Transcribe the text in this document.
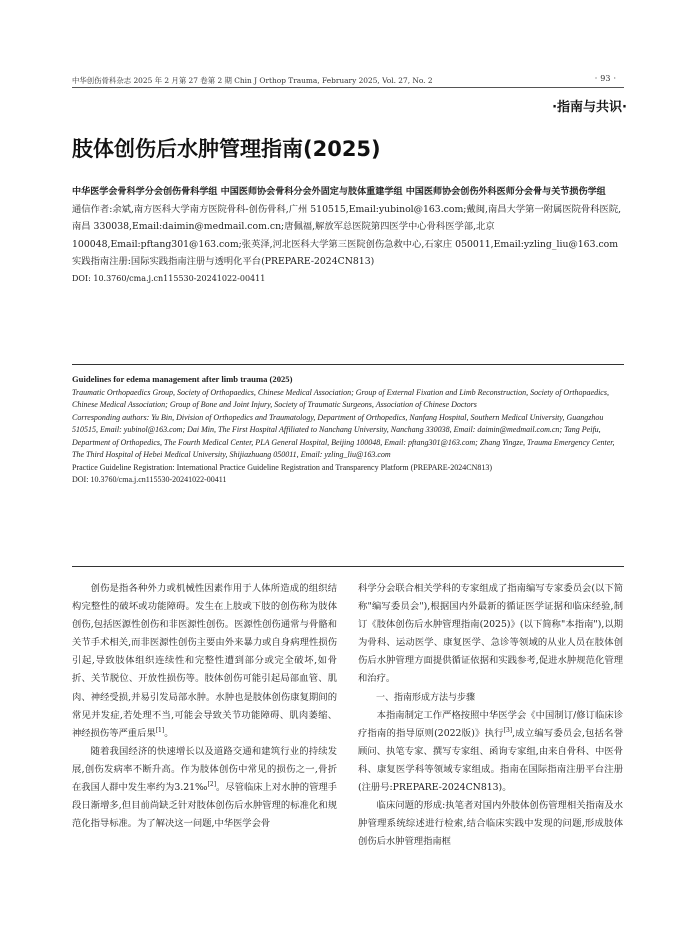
中华创伤骨科杂志 2025 年 2 月第 27 卷第 2 期 Chin J Orthop Trauma, February 2025, Vol. 27, No. 2	· 93 ·
·指南与共识·
肢体创伤后水肿管理指南(2025)

中华医学会骨科学分会创伤骨科学组 中国医师协会骨科分会外固定与肢体重建学组 中国医师协会创伤外科医师分会骨与关节损伤学组

通信作者:余斌,南方医科大学南方医院骨科-创伤骨科,广州 510515,Email:yubinol@163.com;戴闽,南昌大学第一附属医院骨科医院,南昌 330038,Email:daimin@medmail.com.cn;唐佩福,解放军总医院第四医学中心骨科医学部,北京 100048,Email:pftang301@163.com;张英泽,河北医科大学第三医院创伤急救中心,石家庄 050011,Email:yzling_liu@163.com

实践指南注册:国际实践指南注册与透明化平台(PREPARE-2024CN813)

DOI: 10.3760/cma.j.cn115530-20241022-00411

Guidelines for edema management after limb trauma (2025)

Traumatic Orthopaedics Group, Society of Orthopaedics, Chinese Medical Association; Group of External Fixation and Limb Reconstruction, Society of Orthopaedics, Chinese Medical Association; Group of Bone and Joint Injury, Society of Traumatic Surgeons, Association of Chinese Doctors

Corresponding authors: Yu Bin, Division of Orthopedics and Traumatology, Department of Orthopedics, Nanfang Hospital, Southern Medical University, Guangzhou 510515, Email: yubinol@163.com; Dai Min, The First Hospital Affiliated to Nanchang University, Nanchang 330038, Email: daimin@medmail.com.cn; Tang Peifu, Department of Orthopedics, The Fourth Medical Center, PLA General Hospital, Beijing 100048, Email: pftang301@163.com; Zhang Yingze, Trauma Emergency Center, The Third Hospital of Hebei Medical University, Shijiazhuang 050011, Email: yzling_liu@163.com

Practice Guideline Registration: International Practice Guideline Registration and Transparency Platform (PREPARE-2024CN813)

DOI: 10.3760/cma.j.cn115530-20241022-00411

创伤是指各种外力或机械性因素作用于人体所造成的组织结构完整性的破坏或功能障碍。发生在上肢或下肢的创伤称为肢体创伤,包括医源性创伤和非医源性创伤。医源性创伤通常与骨骼和关节手术相关,而非医源性创伤主要由外来暴力或自身病理性损伤引起,导致肢体组织连续性和完整性遭到部分或完全破坏,如骨折、关节脱位、开放性损伤等。肢体创伤可能引起局部血管、肌肉、神经受损,并易引发局部水肿。水肿也是肢体创伤康复期间的常见并发症,若处理不当,可能会导致关节功能障碍、肌肉萎缩、神经损伤等严重后果[1]。

随着我国经济的快速增长以及道路交通和建筑行业的持续发展,创伤发病率不断升高。作为肢体创伤中常见的损伤之一,骨折在我国人群中发生率约为3.21‰[2]。尽管临床上对水肿的管理手段日渐增多,但目前尚缺乏针对肢体创伤后水肿管理的标准化和规范化指导标准。为了解决这一问题,中华医学会骨

科学分会联合相关学科的专家组成了指南编写专家委员会(以下简称"编写委员会"),根据国内外最新的循证医学证据和临床经验,制订《肢体创伤后水肿管理指南(2025)》(以下简称"本指南"),以期为骨科、运动医学、康复医学、急诊等领域的从业人员在肢体创伤后水肿管理方面提供循证依据和实践参考,促进水肿规范化管理和治疗。

一、指南形成方法与步骤

本指南制定工作严格按照中华医学会《中国制订/修订临床诊疗指南的指导原则(2022版)》执行[3],成立编写委员会,包括名誉顾问、执笔专家、撰写专家组、函询专家组,由来自骨科、中医骨科、康复医学科等领域专家组成。指南在国际指南注册平台注册(注册号:PREPARE-2024CN813)。

临床问题的形成:执笔者对国内外肢体创伤管理相关指南及水肿管理系统综述进行检索,结合临床实践中发现的问题,形成肢体创伤后水肿管理指南框
